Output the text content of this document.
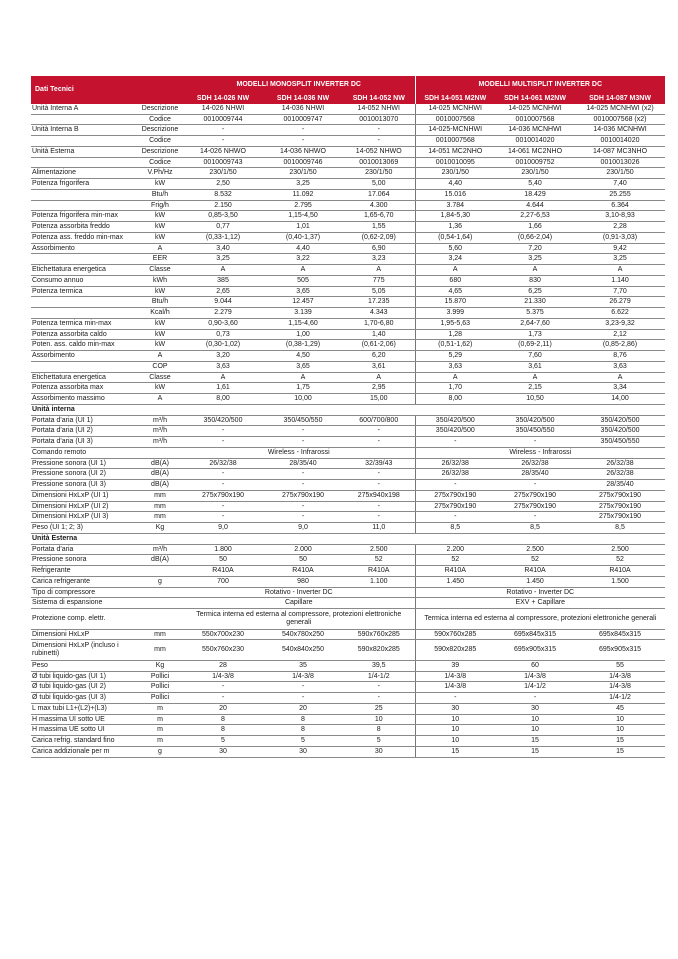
Dati Tecnici		MODELLI MONOSPLIT INVERTER DC			MODELLI MULTISPLIT INVERTER DC		
		SDH 14-026 NW	SDH 14-036 NW	SDH 14-052 NW	SDH 14-051 M2NW	SDH 14-061 M2NW	SDH 14-087 M3NW
Unità Interna A	Descrizione	14-026 NHWI	14-036 NHWI	14-052 NHWI	14-025 MCNHWI	14-025 MCNHWI	14-025 MCNHWI (x2)
	Codice	0010009744	0010009747	0010013070	0010007568	0010007568	0010007568 (x2)
Unità Interna B	Descrizione	-	-	-	14-025-MCNHWI	14-036 MCNHWI	14-036 MCNHWI
	Codice	-	-	-	0010007568	0010014020	0010014020
Unità Esterna	Descrizione	14-026 NHWO	14-036 NHWO	14-052 NHWO	14-051 MC2NHO	14-061 MC2NHO	14-087 MC3NHO
	Codice	0010009743	0010009746	0010013069	0010010095	0010009752	0010013026
Alimentazione	V.Ph/Hz	230/1/50	230/1/50	230/1/50	230/1/50	230/1/50	230/1/50
Potenza frigorifera	kW	2,50	3,25	5,00	4,40	5,40	7,40
	Btu/h	8.532	11.092	17.064	15.016	18.429	25.255
	Frig/h	2.150	2.795	4.300	3.784	4.644	6.364
Potenza frigorifera min-max	kW	0,85-3,50	1,15-4,50	1,65-6,70	1,84-5,30	2,27-6,53	3,10-8,93
Potenza assorbita freddo	kW	0,77	1,01	1,55	1,36	1,66	2,28
Potenza ass. freddo min-max	kW	(0,33-1,12)	(0,40-1,37)	(0,62-2,09)	(0,54-1,64)	(0,66-2,04)	(0,91-3,03)
Assorbimento	A	3,40	4,40	6,90	5,60	7,20	9,42
	EER	3,25	3,22	3,23	3,24	3,25	3,25
Etichettatura energetica	Classe	A	A	A	A	A	A
Consumo annuo	kWh	385	505	775	680	830	1.140
Potenza termica	kW	2,65	3,65	5,05	4,65	6,25	7,70
	Btu/h	9.044	12.457	17.235	15.870	21.330	26.279
	Kcal/h	2.279	3.139	4.343	3.999	5.375	6.622
Potenza termica min-max	kW	0,90-3,60	1,15-4,60	1,70-6,80	1,95-5,63	2,64-7,60	3,23-9,32
Potenza assorbita caldo	kW	0,73	1,00	1,40	1,28	1,73	2,12
Poten. ass. caldo min-max	kW	(0,30-1,02)	(0,38-1,29)	(0,61-2,06)	(0,51-1,62)	(0,69-2,11)	(0,85-2,86)
Assorbimento	A	3,20	4,50	6,20	5,29	7,60	8,76
	COP	3,63	3,65	3,61	3,63	3,61	3,63
Etichettatura energetica	Classe	A	A	A	A	A	A
Potenza assorbita max	kW	1,61	1,75	2,95	1,70	2,15	3,34
Assorbimento massimo	A	8,00	10,00	15,00	8,00	10,50	14,00
Unità interna							
Portata d'aria (UI 1)	m³/h	350/420/500	350/450/550	600/700/800	350/420/500	350/420/500	350/420/500
Portata d'aria (UI 2)	m³/h	-	-	-	350/420/500	350/450/550	350/420/500
Portata d'aria (UI 3)	m³/h	-	-	-	-	-	350/450/550
Comando remoto		Wireless - Infrarossi			Wireless - Infrarossi		
Pressione sonora (UI 1)	dB(A)	26/32/38	28/35/40	32/39/43	26/32/38	26/32/38	26/32/38
Pressione sonora (UI 2)	dB(A)	-	-	-	26/32/38	28/35/40	26/32/38
Pressione sonora (UI 3)	dB(A)	-	-	-	-	-	28/35/40
Dimensioni HxLxP (UI 1)	mm	275x790x190	275x790x190	275x940x198	275x790x190	275x790x190	275x790x190
Dimensioni HxLxP (UI 2)	mm	-	-	-	275x790x190	275x790x190	275x790x190
Dimensioni HxLxP (UI 3)	mm	-	-	-	-	-	275x790x190
Peso (UI 1; 2; 3)	Kg	9,0	9,0	11,0	8,5	8,5	8,5
Unità Esterna							
Portata d'aria	m³/h	1.800	2.000	2.500	2.200	2.500	2.500
Pressione sonora	dB(A)	50	50	52	52	52	52
Refrigerante		R410A	R410A	R410A	R410A	R410A	R410A
Carica refrigerante	g	700	980	1.100	1.450	1.450	1.500
Tipo di compressore		Rotativo - Inverter DC			Rotativo - Inverter DC		
Sistema di espansione		Capillare			EXV + Capillare		
Protezione comp. elettr.		Termica interna ed esterna al compressore, protezioni elettroniche generali			Termica interna ed esterna al compressore, protezioni elettroniche generali		
Dimensioni HxLxP	mm	550x700x230	540x780x250	590x760x285	590x760x285	695x845x315	695x845x315
Dimensioni HxLxP (incluso i rubinetti)	mm	550x760x230	540x840x250	590x820x285	590x820x285	695x905x315	695x905x315
Peso	Kg	28	35	39,5	39	60	55
Ø tubi liquido-gas (UI 1)	Pollici	1/4-3/8	1/4-3/8	1/4-1/2	1/4-3/8	1/4-3/8	1/4-3/8
Ø tubi liquido-gas (UI 2)	Pollici	-	-	-	1/4-3/8	1/4-1/2	1/4-3/8
Ø tubi liquido-gas (UI 3)	Pollici	-	-	-	-	-	1/4-1/2
L max tubi L1+(L2)+(L3)	m	20	20	25	30	30	45
H massima UI sotto UE	m	8	8	10	10	10	10
H massima UE sotto UI	m	8	8	8	10	10	10
Carica refrig. standard fino	m	5	5	5	10	15	15
Carica addizionale per m	g	30	30	30	15	15	15
